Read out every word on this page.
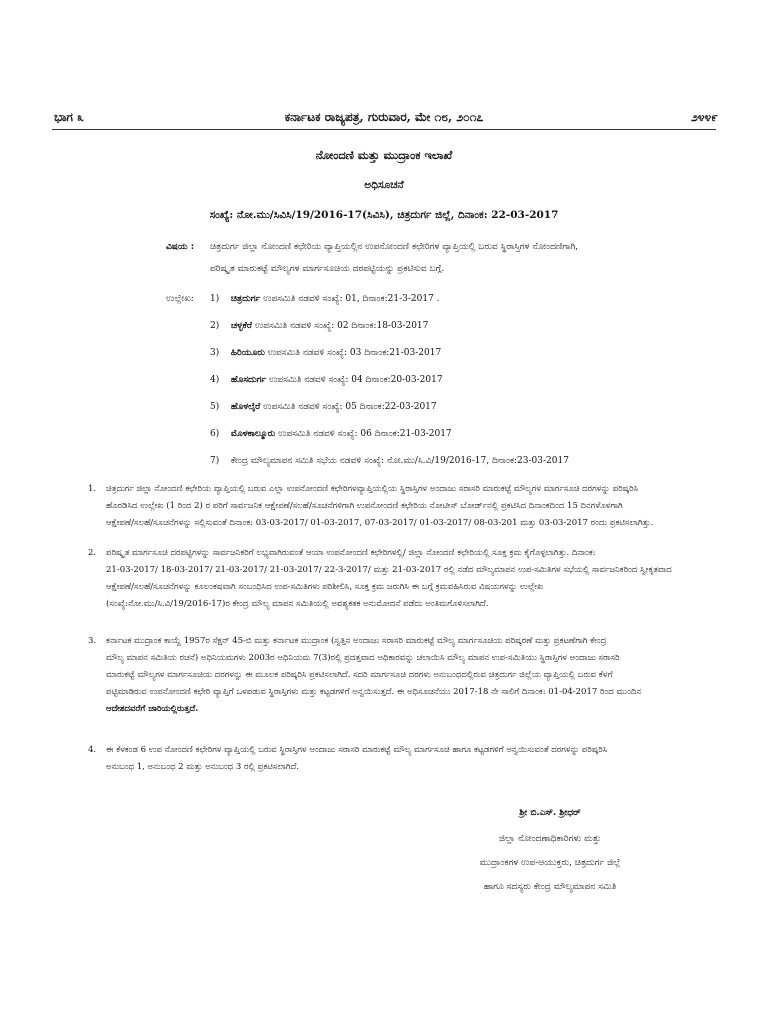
ಭಾಗ ೩	ಕರ್ನಾಟಕ ರಾಜ್ಯಪತ್ರ, ಗುರುವಾರ, ಮೇ ೧೮, ೨೦೧೭	೨೪೪೯
ನೋಂದಣಿ ಮತ್ತು ಮುದ್ರಾಂಕ ಇಲಾಖೆ
ಅಧಿಸೂಚನೆ
ಸಂಖ್ಯೆ: ನೋ.ಮು/ಸಿವಿಸಿ/19/2016-17(ಸಿವಿಸಿ), ಚಿತ್ರದುರ್ಗ ಜಿಲ್ಲೆ, ದಿನಾಂಕ: 22-03-2017
ವಿಷಯ : ಚಿತ್ರದುರ್ಗ ಜಿಲ್ಲಾ ನೋಂದಣಿ ಕಛೇರಿಯ ವ್ಯಾಪ್ತಿಯಲ್ಲಿನ ಉಪನೋಂದಣಿ ಕಛೇರಿಗಳ ವ್ಯಾಪ್ತಿಯಲ್ಲಿ ಬರುವ ಸ್ಥಿರಾಸ್ತಿಗಳ ನೋಂದಣಿಗಾಗಿ,
ಪರಿಷ್ಕೃತ ಮಾರುಕಟ್ಟೆ ಮೌಲ್ಯಗಳ ಮಾರ್ಗಸೂಚಿಯ ದರಪಟ್ಟಿಯನ್ನು ಪ್ರಕಟಿಸುವ ಬಗ್ಗೆ.
ಉಲ್ಲೇಖ: 1) ಚಿತ್ರದುರ್ಗ ಉಪಸಮಿತಿ ನಡವಳಿ ಸಂಖ್ಯೆ: 01, ದಿನಾಂಕ:21-3-2017 .
2) ಚಳ್ಳಕೆರೆ ಉಪಸಮಿತಿ ನಡವಳಿ ಸಂಖ್ಯೆ: 02 ದಿನಾಂಕ:18-03-2017
3) ಹಿರಿಯೂರು ಉಪಸಮಿತಿ ನಡವಳಿ ಸಂಖ್ಯೆ: 03 ದಿನಾಂಕ:21-03-2017
4) ಹೊಸದುರ್ಗ ಉಪಸಮಿತಿ ನಡವಳಿ ಸಂಖ್ಯೆ: 04 ದಿನಾಂಕ:20-03-2017
5) ಹೊಳಲ್ಕೆರೆ ಉಪಸಮಿತಿ ನಡವಳಿ ಸಂಖ್ಯೆ: 05 ದಿನಾಂಕ:22-03-2017
6) ಮೊಳಕಾಲ್ಮೂರು ಉಪಸಮಿತಿ ನಡವಳಿ ಸಂಖ್ಯೆ: 06 ದಿನಾಂಕ:21-03-2017
7) ಕೇಂದ್ರ ಮೌಲ್ಯಮಾಪನ ಸಮಿತಿ ಸಭೆಯ ನಡವಳಿ ಸಂಖ್ಯೆ: ನೋ.ಮು/ಸಿ.ವಿ/19/2016-17, ದಿನಾಂಕ:23-03-2017
1. ಚಿತ್ರದುರ್ಗ ಜಿಲ್ಲಾ ನೋಂದಣಿ ಕಛೇರಿಯ ವ್ಯಾಪ್ತಿಯಲ್ಲಿ ಬರುವ ಎಲ್ಲಾ ಉಪನೋಂದಣಿ ಕಛೇರಿಗಳವ್ಯಾಪ್ತಿಯಲ್ಲಿಯ ಸ್ಥಿರಾಸ್ತಿಗಳ ಅಂದಾಜು ಸರಾಸರಿ ಮಾರುಕಟ್ಟೆ ಮೌಲ್ಯಗಳ ಮಾರ್ಗಸೂಚಿ ದರಗಳನ್ನು ಪರಿಷ್ಕರಿಸಿ
ಹೊರಡಿಸಿದ ಉಲ್ಲೇಖ (1 ರಿಂದ 2) ರ ಪರಿಗೆ ಸಾರ್ವಜನಿಕ ಆಕ್ಷೇಪಣೆ/ಸಲಹೆ/ಸೂಚನೆಗಳಿಗಾಗಿ ಉಪನೋಂದಣಿ ಕಛೇರಿಯ ನೋಟೀಸ್ ಬೋರ್ಡ್‌ನಲ್ಲಿ ಪ್ರಕಟಿಸಿದ ದಿನಾಂಕದಿಂದ 15 ದಿನಗಳೊಳಗಾಗಿ
ಆಕ್ಷೇಪಣೆ/ಸಲಹೆ/ಸೂಚನೆಗಳನ್ನು ಸಲ್ಲಿಸುವಂತೆ ದಿನಾಂಕ: 03-03-2017/ 01-03-2017, 07-03-2017/ 01-03-2017/ 08-03-201 ಮತ್ತು 03-03-2017 ರಂದು ಪ್ರಕಟಿಸಲಾಗಿತ್ತು.
2. ಪರಿಷ್ಕೃತ ಮಾರ್ಗಸೂಚಿ ದರಪಟ್ಟಿಗಳನ್ನು ಸಾರ್ವಜನಿಕರಿಗೆ ಲಭ್ಯವಾಗಿರುವಂತೆ ಆಯಾ ಉಪನೋಂದಣಿ ಕಛೇರಿಗಳಲ್ಲಿ/ ಜಿಲ್ಲಾ ನೋಂದಣಿ ಕಛೇರಿಯಲ್ಲಿ ಸೂಕ್ತ ಕ್ರಮ ಕೈಗೊಳ್ಳಲಾಗಿತ್ತು. ದಿನಾಂಕ:
21-03-2017/ 18-03-2017/ 21-03-2017/ 21-03-2017/ 22-3-2017/ ಮತ್ತು 21-03-2017 ರಲ್ಲಿ ನಡೆದ ಮೌಲ್ಯಮಾಪನ ಉಪ-ಸಮಿತಿಗಳ ಸಭೆಯಲ್ಲಿ ಸಾರ್ವಜನಿಕರಿಂದ ಸ್ವೀಕೃತವಾದ
ಆಕ್ಷೇಪಣೆ/ಸಲಹೆ/ಸೂಚನೆಗಳನ್ನು ಕೂಲಂಕಷವಾಗಿ ಸಂಬಂಧಿಸಿದ ಉಪ-ಸಮಿತಿಗಳು ಪರಿಶೀಲಿಸಿ, ಸೂಕ್ತ ಕ್ರಮ ಜರುಗಿಸಿ ಈ ಬಗ್ಗೆ ಕ್ರಮವಹಿಸಿರುವ ವಿಷಯಗಳನ್ನು ಉಲ್ಲೇಖ
(ಸಂಖ್ಯೆ:ನೋ.ಮು/ಸಿ.ವಿ/19/2016-17)ರ ಕೇಂದ್ರ ಮೌಲ್ಯ ಮಾಪನ ಸಮಿತಿಯಲ್ಲಿ ಅವಶ್ಯಕತಕ ಅನುಮೋದನೆ ಪಡೆದು ಅಂತಿಮಗೊಳಿಸಲಾಗಿದೆ.
3. ಕರ್ನಾಟಕ ಮುದ್ರಾಂಕ ಕಾಯ್ದೆ 1957ರ ಸೆಕ್ಷನ್ 45-ಬಿ ಮತ್ತು ಕರ್ನಾಟಕ ಮುದ್ರಾಂಕ (ಸ್ವತ್ತಿನ ಅಂದಾಜು ಸರಾಸರಿ ಮಾರುಕಟ್ಟೆ ಮೌಲ್ಯ ಮಾರ್ಗಸೂಚಿಯ ಪರಿಷ್ಕರಣೆ ಮತ್ತು ಪ್ರಕಟಣೆಗಾಗಿ ಕೇಂದ್ರ
ಮೌಲ್ಯ ಮಾಪನ ಸಮಿತಿಯ ರಚನೆ) ಅಧಿನಿಯಮಗಳು 2003ರ ಅಧಿನಿಯಮ 7(3)ರಲ್ಲಿ ಪ್ರದತ್ತವಾದ ಅಧಿಕಾರವನ್ನು ಚಲಾಯಿಸಿ ಮೌಲ್ಯ ಮಾಪನ ಉಪ-ಸಮಿತಿಯು ಸ್ಥಿರಾಸ್ತಿಗಳ ಅಂದಾಜು ಸರಾಸರಿ
ಮಾರುಕಟ್ಟೆ ಮೌಲ್ಯಗಳ ಮಾರ್ಗಸೂಚಿಯ ದರಗಳನ್ನು ಈ ಮೂಲಕ ಪರಿಷ್ಕರಿಸಿ ಪ್ರಕಟಿಸಲಾಗಿದೆ. ಸದರಿ ಮಾರ್ಗಸೂಚಿ ದರಗಳು ಅನುಬಂಧದಲ್ಲಿರುವ ಚಿತ್ರದುರ್ಗ ಜಿಲ್ಲೆಯ ವ್ಯಾಪ್ತಿಯಲ್ಲಿ ಬರುವ ಕೆಳಗೆ
ಪಟ್ಟಿಮಾಡಿರುವ ಉಪನೋಂದಣಿ ಕಛೇರಿ ವ್ಯಾಪ್ತಿಗೆ ಒಳಪಡುವ ಸ್ಥಿರಾಸ್ತಿಗಳು ಮತ್ತು ಕಟ್ಟಡಗಳಿಗೆ ಅನ್ವಯಿಸುತ್ತದೆ. ಈ ಅಧಿಸೂಚನೆಯು 2017-18 ನೇ ಸಾಲಿಗೆ ದಿನಾಂಕ: 01-04-2017 ರಿಂದ ಮುಂದಿನ
ಆದೇಶದವರೆಗೆ ಜಾರಿಯಲ್ಲಿರುತ್ತದೆ.
4. ಈ ಕೆಳಕಂಡ 6 ಉಪ ನೋಂದಣಿ ಕಛೇರಿಗಳ ವ್ಯಾಪ್ತಿಯಲ್ಲಿ ಬರುವ ಸ್ಥಿರಾಸ್ತಿಗಳ ಅಂದಾಜು ಸರಾಸರಿ ಮಾರುಕಟ್ಟೆ ಮೌಲ್ಯ ಮಾರ್ಗಸೂಚಿ ಹಾಗೂ ಕಟ್ಟಡಗಳಿಗೆ ಅನ್ವಯಿಸುವಂತೆ ದರಗಳನ್ನು ಪರಿಷ್ಕರಿಸಿ
ಅನುಬಂಧ 1, ಅನುಬಂಧ 2 ಮತ್ತು ಅನುಬಂಧ 3 ರಲ್ಲಿ ಪ್ರಕಟಿಸಲಾಗಿದೆ.
ಶ್ರೀ ಬಿ.ಎಸ್. ಶ್ರೀಧರ್
ಜಿಲ್ಲಾ ನೋಂದಣಾಧಿಕಾರಿಗಳು ಮತ್ತು
ಮುದ್ರಾಂಕಗಳ ಉಪ-ಆಯುಕ್ತರು, ಚಿತ್ರದುರ್ಗ ಜಿಲ್ಲೆ
ಹಾಗೂ ಸದಸ್ಯರು ಕೇಂದ್ರ ಮೌಲ್ಯಮಾಪನ ಸಮಿತಿ
